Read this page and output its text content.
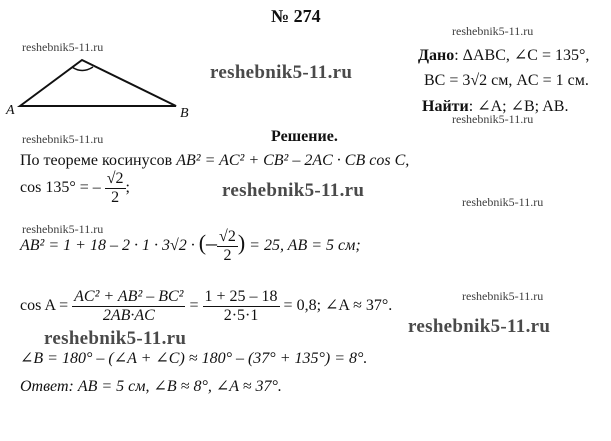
reshebnik5-11.ru
reshebnik5-11.ru
reshebnik5-11.ru
reshebnik5-11.ru
reshebnik5-11.ru
reshebnik5-11.ru
reshebnik5-11.ru
reshebnik5-11.ru
reshebnik5-11.ru
reshebnik5-11.ru
reshebnik5-11.ru
№ 274
A	B
Дано: ΔABC, ∠C = 135°,
BC = 3√2 см, AC = 1 см.
Найти: ∠A; ∠B; AB.
Решение.
По теореме косинусов AB² = AC² + CB² – 2AC · CB cos C,
cos 135° = – $\frac{√2}{2}$ ;
AB² = 1 + 18 – 2 · 1 · 3√2 · (– $\frac{√2}{2}$ ) = 25, AB = 5 см;
$\cos A = \frac{\text{AC² + AB² – BC²}}{2AB\cdot AC} = \frac{1 + 25 - 18}{2\cdot 5\cdot 1} = 0,8$; ∠A ≈ 37°.
∠B = 180° – (∠A + ∠C) ≈ 180° – (37° + 135°) = 8°.
Ответ: AB = 5 см, ∠B ≈ 8°, ∠A ≈ 37°.
